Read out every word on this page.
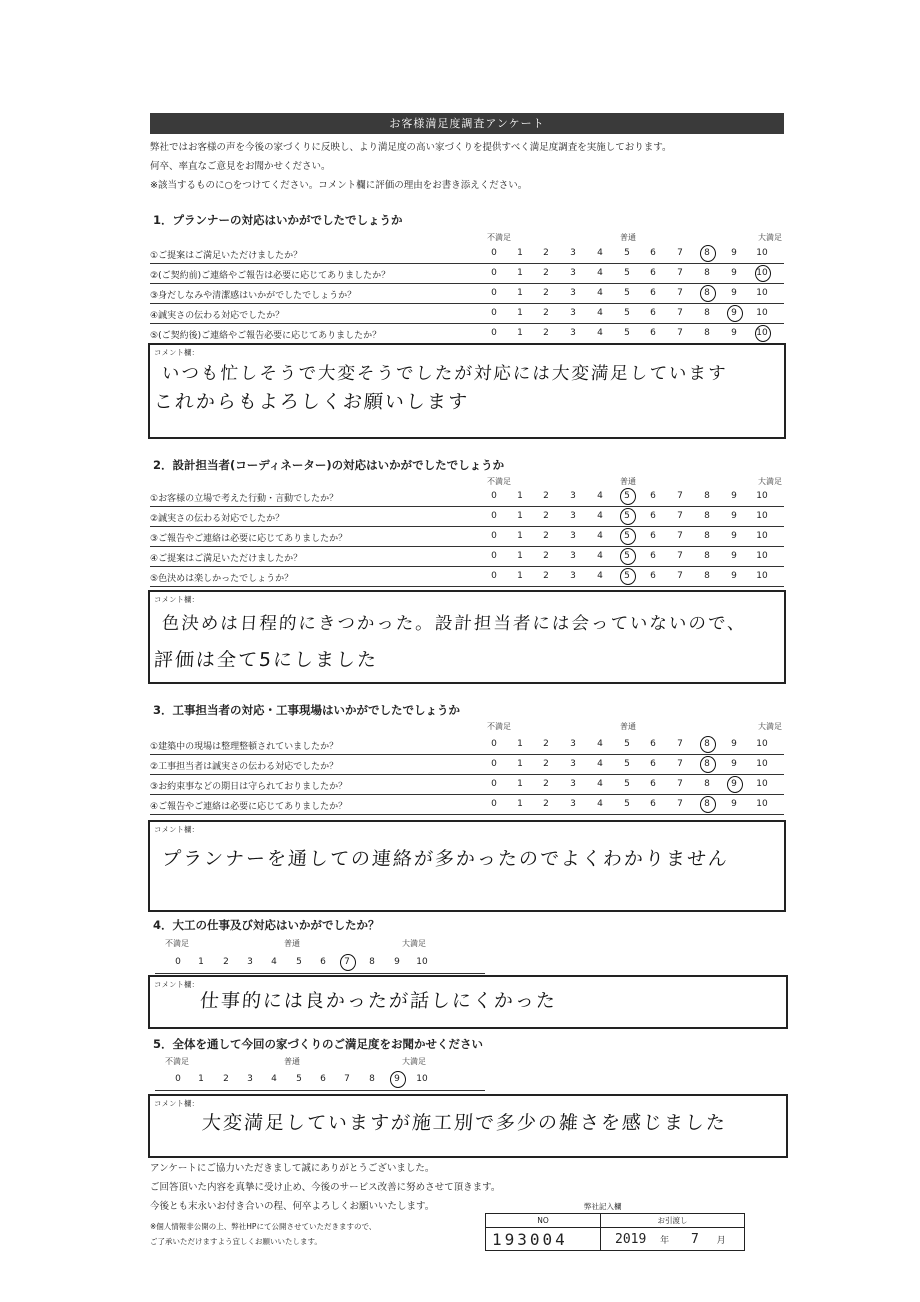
お客様満足度調査アンケート
弊社ではお客様の声を今後の家づくりに反映し、より満足度の高い家づくりを提供すべく満足度調査を実施しております。
何卒、率直なご意見をお聞かせください。
※該当するものに○をつけてください。コメント欄に評価の理由をお書き添えください。
1．プランナーの対応はいかがでしたでしょうか
不満足	普通	大満足
①ご提案はご満足いただけましたか？	0	1	2	3	4	5	6	7	8	9	10
②(ご契約前)ご連絡やご報告は必要に応じてありましたか？	0	1	2	3	4	5	6	7	8	9	10
③身だしなみや清潔感はいかがでしたでしょうか？	0	1	2	3	4	5	6	7	8	9	10
④誠実さの伝わる対応でしたか？	0	1	2	3	4	5	6	7	8	9	10
⑤(ご契約後)ご連絡やご報告必要に応じてありましたか？	0	1	2	3	4	5	6	7	8	9	10
コメント欄：
いつも忙しそうで大変そうでしたが対応には大変満足しています
これからもよろしくお願いします
2．設計担当者(コーディネーター)の対応はいかがでしたでしょうか
不満足	普通	大満足
①お客様の立場で考えた行動・言動でしたか？	0	1	2	3	4	5	6	7	8	9	10
②誠実さの伝わる対応でしたか？	0	1	2	3	4	5	6	7	8	9	10
③ご報告やご連絡は必要に応じてありましたか？	0	1	2	3	4	5	6	7	8	9	10
④ご提案はご満足いただけましたか？	0	1	2	3	4	5	6	7	8	9	10
⑤色決めは楽しかったでしょうか？	0	1	2	3	4	5	6	7	8	9	10
コメント欄：
色決めは日程的にきつかった。設計担当者には会っていないので、
評価は全て5にしました
3．工事担当者の対応・工事現場はいかがでしたでしょうか
不満足	普通	大満足
①建築中の現場は整理整頓されていましたか？	0	1	2	3	4	5	6	7	8	9	10
②工事担当者は誠実さの伝わる対応でしたか？	0	1	2	3	4	5	6	7	8	9	10
③お約束事などの期日は守られておりましたか？	0	1	2	3	4	5	6	7	8	9	10
④ご報告やご連絡は必要に応じてありましたか？	0	1	2	3	4	5	6	7	8	9	10
コメント欄：
プランナーを通しての連絡が多かったのでよくわかりません
4．大工の仕事及び対応はいかがでしたか？
不満足	普通	大満足
0	1	2	3	4	5	6	7	8	9	10
コメント欄：
仕事的には良かったが話しにくかった
5．全体を通して今回の家づくりのご満足度をお聞かせください
不満足	普通	大満足
0	1	2	3	4	5	6	7	8	9	10
コメント欄：
大変満足していますが施工別で多少の雑さを感じました
アンケートにご協力いただきまして誠にありがとうございました。
ご回答頂いた内容を真摯に受け止め、今後のサービス改善に努めさせて頂きます。
今後とも末永いお付き合いの程、何卒よろしくお願いいたします。
※個人情報非公開の上、弊社HPにて公開させていただきますので、
ご了承いただけますよう宜しくお願いいたします。
弊社記入欄
NO	お引渡し
193004	2019 年 7 月
